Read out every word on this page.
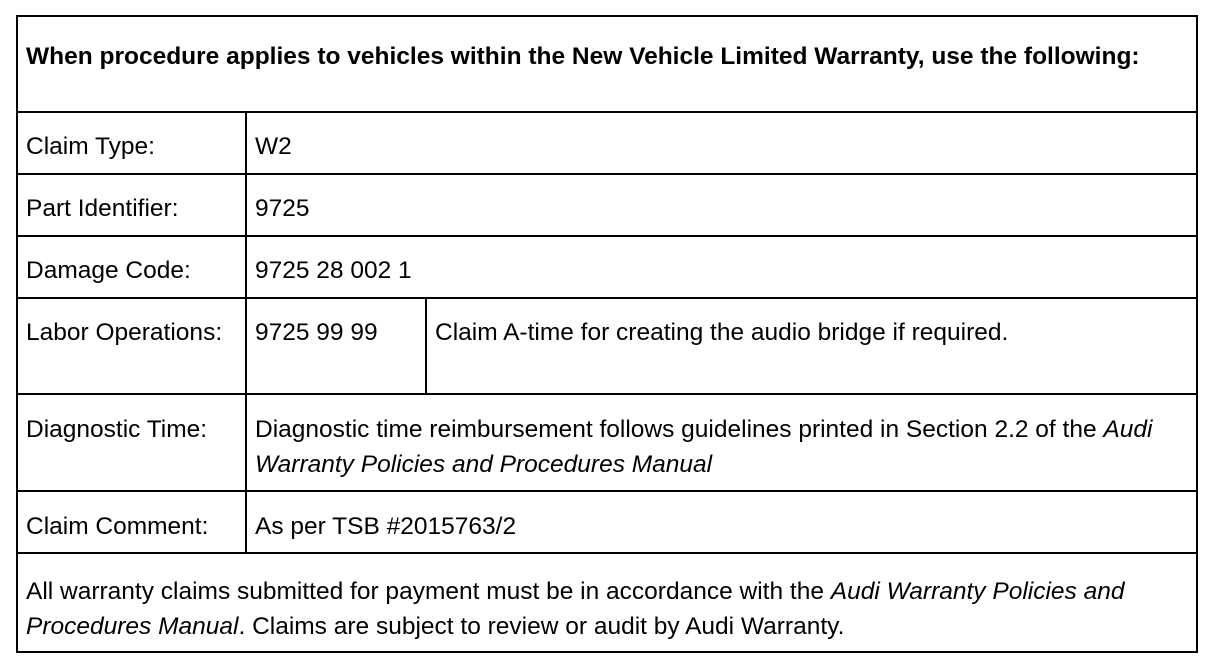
When procedure applies to vehicles within the New Vehicle Limited Warranty, use the following:		
Claim Type:	W2	
Part Identifier:	9725	
Damage Code:	9725 28 002 1	
Labor Operations:	9725 99 99	Claim A-time for creating the audio bridge if required.
Diagnostic Time:	Diagnostic time reimbursement follows guidelines printed in Section 2.2 of the Audi Warranty Policies and Procedures Manual	
Claim Comment:	As per TSB #2015763/2	
All warranty claims submitted for payment must be in accordance with the Audi Warranty Policies and Procedures Manual. Claims are subject to review or audit by Audi Warranty.		
